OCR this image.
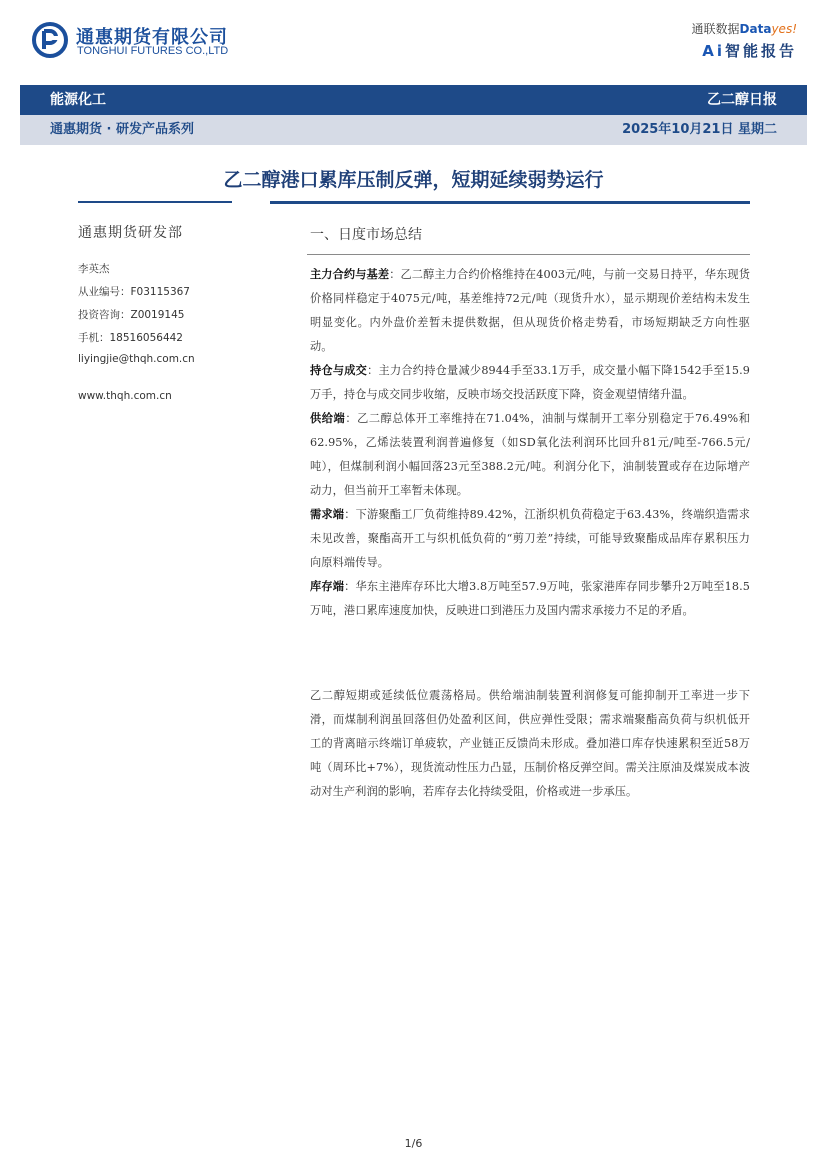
通惠期货有限公司
TONGHUI FUTURES CO.,LTD
通联数据Datayes!
Ai智能报告
能源化工	乙二醇日报
通惠期货 · 研发产品系列	2025年10月21日 星期二
乙二醇港口累库压制反弹，短期延续弱势运行
通惠期货研发部
李英杰
从业编号：F03115367
投资咨询：Z0019145
手机：18516056442
liyingjie@thqh.com.cn
www.thqh.com.cn
一、日度市场总结

主力合约与基差：乙二醇主力合约价格维持在4003元/吨，与前一交易日持平，华东现货价格同样稳定于4075元/吨，基差维持72元/吨（现货升水），显示期现价差结构未发生明显变化。内外盘价差暂未提供数据，但从现货价格走势看，市场短期缺乏方向性驱动。

持仓与成交：主力合约持仓量减少8944手至33.1万手，成交量小幅下降1542手至15.9万手，持仓与成交同步收缩，反映市场交投活跃度下降，资金观望情绪升温。

供给端：乙二醇总体开工率维持在71.04%，油制与煤制开工率分别稳定于76.49%和62.95%，乙烯法装置利润普遍修复（如SD氧化法利润环比回升81元/吨至-766.5元/吨），但煤制利润小幅回落23元至388.2元/吨。利润分化下，油制装置或存在边际增产动力，但当前开工率暂未体现。

需求端：下游聚酯工厂负荷维持89.42%，江浙织机负荷稳定于63.43%，终端织造需求未见改善，聚酯高开工与织机低负荷的“剪刀差”持续，可能导致聚酯成品库存累积压力向原料端传导。

库存端：华东主港库存环比大增3.8万吨至57.9万吨，张家港库存同步攀升2万吨至18.5万吨，港口累库速度加快，反映进口到港压力及国内需求承接力不足的矛盾。

乙二醇短期或延续低位震荡格局。供给端油制装置利润修复可能抑制开工率进一步下滑，而煤制利润虽回落但仍处盈利区间，供应弹性受限；需求端聚酯高负荷与织机低开工的背离暗示终端订单疲软，产业链正反馈尚未形成。叠加港口库存快速累积至近58万吨（周环比+7%），现货流动性压力凸显，压制价格反弹空间。需关注原油及煤炭成本波动对生产利润的影响，若库存去化持续受阻，价格或进一步承压。

1/6
